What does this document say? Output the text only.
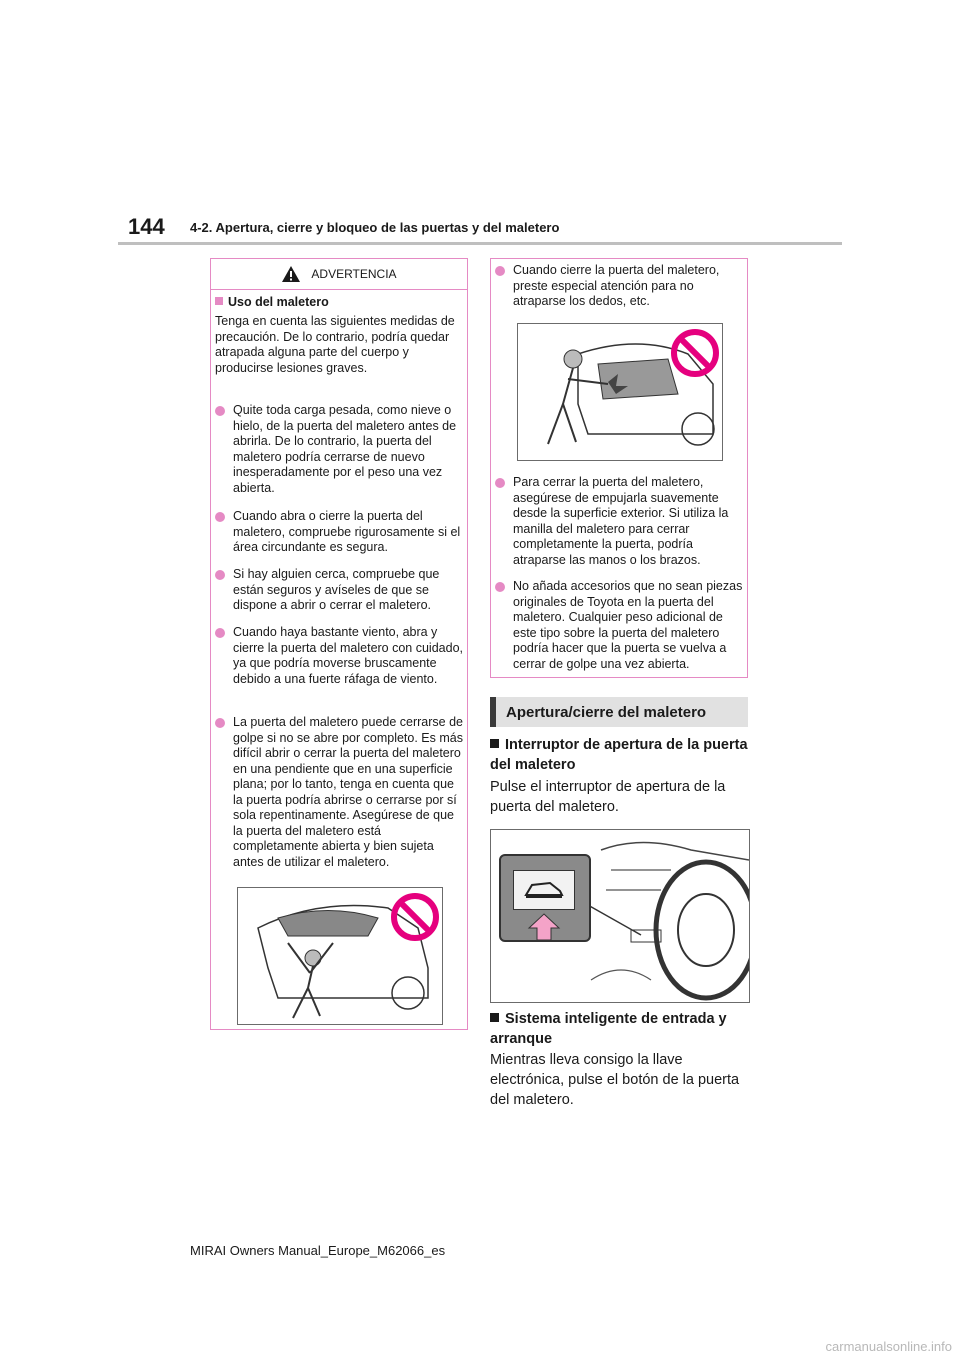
144 4-2. Apertura, cierre y bloqueo de las puertas y del maletero
ADVERTENCIA
Uso del maletero
Tenga en cuenta las siguientes medidas de precaución. De lo contrario, podría quedar atrapada alguna parte del cuerpo y producirse lesiones graves.
Quite toda carga pesada, como nieve o hielo, de la puerta del maletero antes de abrirla. De lo contrario, la puerta del maletero podría cerrarse de nuevo inesperadamente por el peso una vez abierta.
Cuando abra o cierre la puerta del maletero, compruebe rigurosamente si el área circundante es segura.
Si hay alguien cerca, compruebe que están seguros y avíseles de que se dispone a abrir o cerrar el maletero.
Cuando haya bastante viento, abra y cierre la puerta del maletero con cuidado, ya que podría moverse bruscamente debido a una fuerte ráfaga de viento.
La puerta del maletero puede cerrarse de golpe si no se abre por completo. Es más difícil abrir o cerrar la puerta del maletero en una pendiente que en una superficie plana; por lo tanto, tenga en cuenta que la puerta podría abrirse o cerrarse por sí sola repentinamente. Asegúrese de que la puerta del maletero está completamente abierta y bien sujeta antes de utilizar el maletero.
Cuando cierre la puerta del maletero, preste especial atención para no atraparse los dedos, etc.
Para cerrar la puerta del maletero, asegúrese de empujarla suavemente desde la superficie exterior. Si utiliza la manilla del maletero para cerrar completamente la puerta, podría atraparse las manos o los brazos.
No añada accesorios que no sean piezas originales de Toyota en la puerta del maletero. Cualquier peso adicional de este tipo sobre la puerta del maletero podría hacer que la puerta se vuelva a cerrar de golpe una vez abierta.
Apertura/cierre del maletero
Interruptor de apertura de la puerta del maletero
Pulse el interruptor de apertura de la puerta del maletero.
Sistema inteligente de entrada y arranque
Mientras lleva consigo la llave electrónica, pulse el botón de la puerta del maletero.
MIRAI Owners Manual_Europe_M62066_es
carmanualsonline.info
